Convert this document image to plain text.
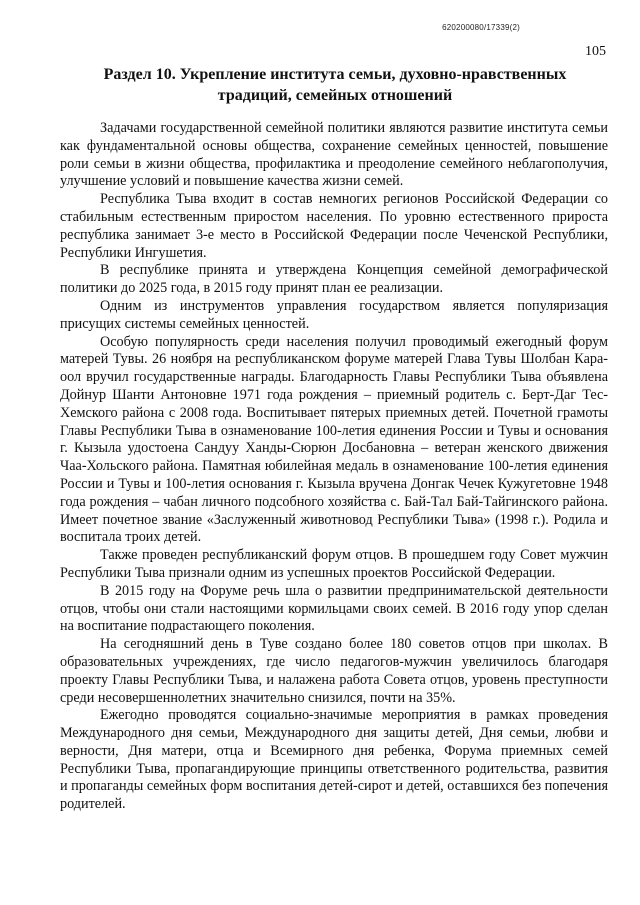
620200080/17339(2)
105
Раздел 10. Укрепление института семьи, духовно-нравственных традиций, семейных отношений

Задачами государственной семейной политики являются развитие института семьи как фундаментальной основы общества, сохранение семейных ценностей, повышение роли семьи в жизни общества, профилактика и преодоление семейного неблагополучия, улучшение условий и повышение качества жизни семей.

Республика Тыва входит в состав немногих регионов Российской Федерации со стабильным естественным приростом населения. По уровню естественного прироста республика занимает 3-е место в Российской Федерации после Чеченской Республики, Республики Ингушетия.

В республике принята и утверждена Концепция семейной демографической политики до 2025 года, в 2015 году принят план ее реализации.

Одним из инструментов управления государством является популяризация присущих системы семейных ценностей.

Особую популярность среди населения получил проводимый ежегодный форум матерей Тувы. 26 ноября на республиканском форуме матерей Глава Тувы Шолбан Кара-оол вручил государственные награды. Благодарность Главы Республики Тыва объявлена Дойнур Шанти Антоновне 1971 года рождения – приемный родитель с. Берт-Даг Тес-Хемского района с 2008 года. Воспитывает пятерых приемных детей. Почетной грамоты Главы Республики Тыва в ознаменование 100-летия единения России и Тувы и основания г. Кызыла удостоена Сандуу Ханды-Сюрюн Досбановна – ветеран женского движения Чаа-Хольского района. Памятная юбилейная медаль в ознаменование 100-летия единения России и Тувы и 100-летия основания г. Кызыла вручена Донгак Чечек Кужугетовне 1948 года рождения – чабан личного подсобного хозяйства с. Бай-Тал Бай-Тайгинского района. Имеет почетное звание «Заслуженный животновод Республики Тыва» (1998 г.). Родила и воспитала троих детей.

Также проведен республиканский форум отцов. В прошедшем году Совет мужчин Республики Тыва признали одним из успешных проектов Российской Федерации.

В 2015 году на Форуме речь шла о развитии предпринимательской деятельности отцов, чтобы они стали настоящими кормильцами своих семей. В 2016 году упор сделан на воспитание подрастающего поколения.

На сегодняшний день в Туве создано более 180 советов отцов при школах. В образовательных учреждениях, где число педагогов-мужчин увеличилось благодаря проекту Главы Республики Тыва, и налажена работа Совета отцов, уровень преступности среди несовершеннолетних значительно снизился, почти на 35%.

Ежегодно проводятся социально-значимые мероприятия в рамках проведения Международного дня семьи, Международного дня защиты детей, Дня семьи, любви и верности, Дня матери, отца и Всемирного дня ребенка, Форума приемных семей Республики Тыва, пропагандирующие принципы ответственного родительства, развития и пропаганды семейных форм воспитания детей-сирот и детей, оставшихся без попечения родителей.
